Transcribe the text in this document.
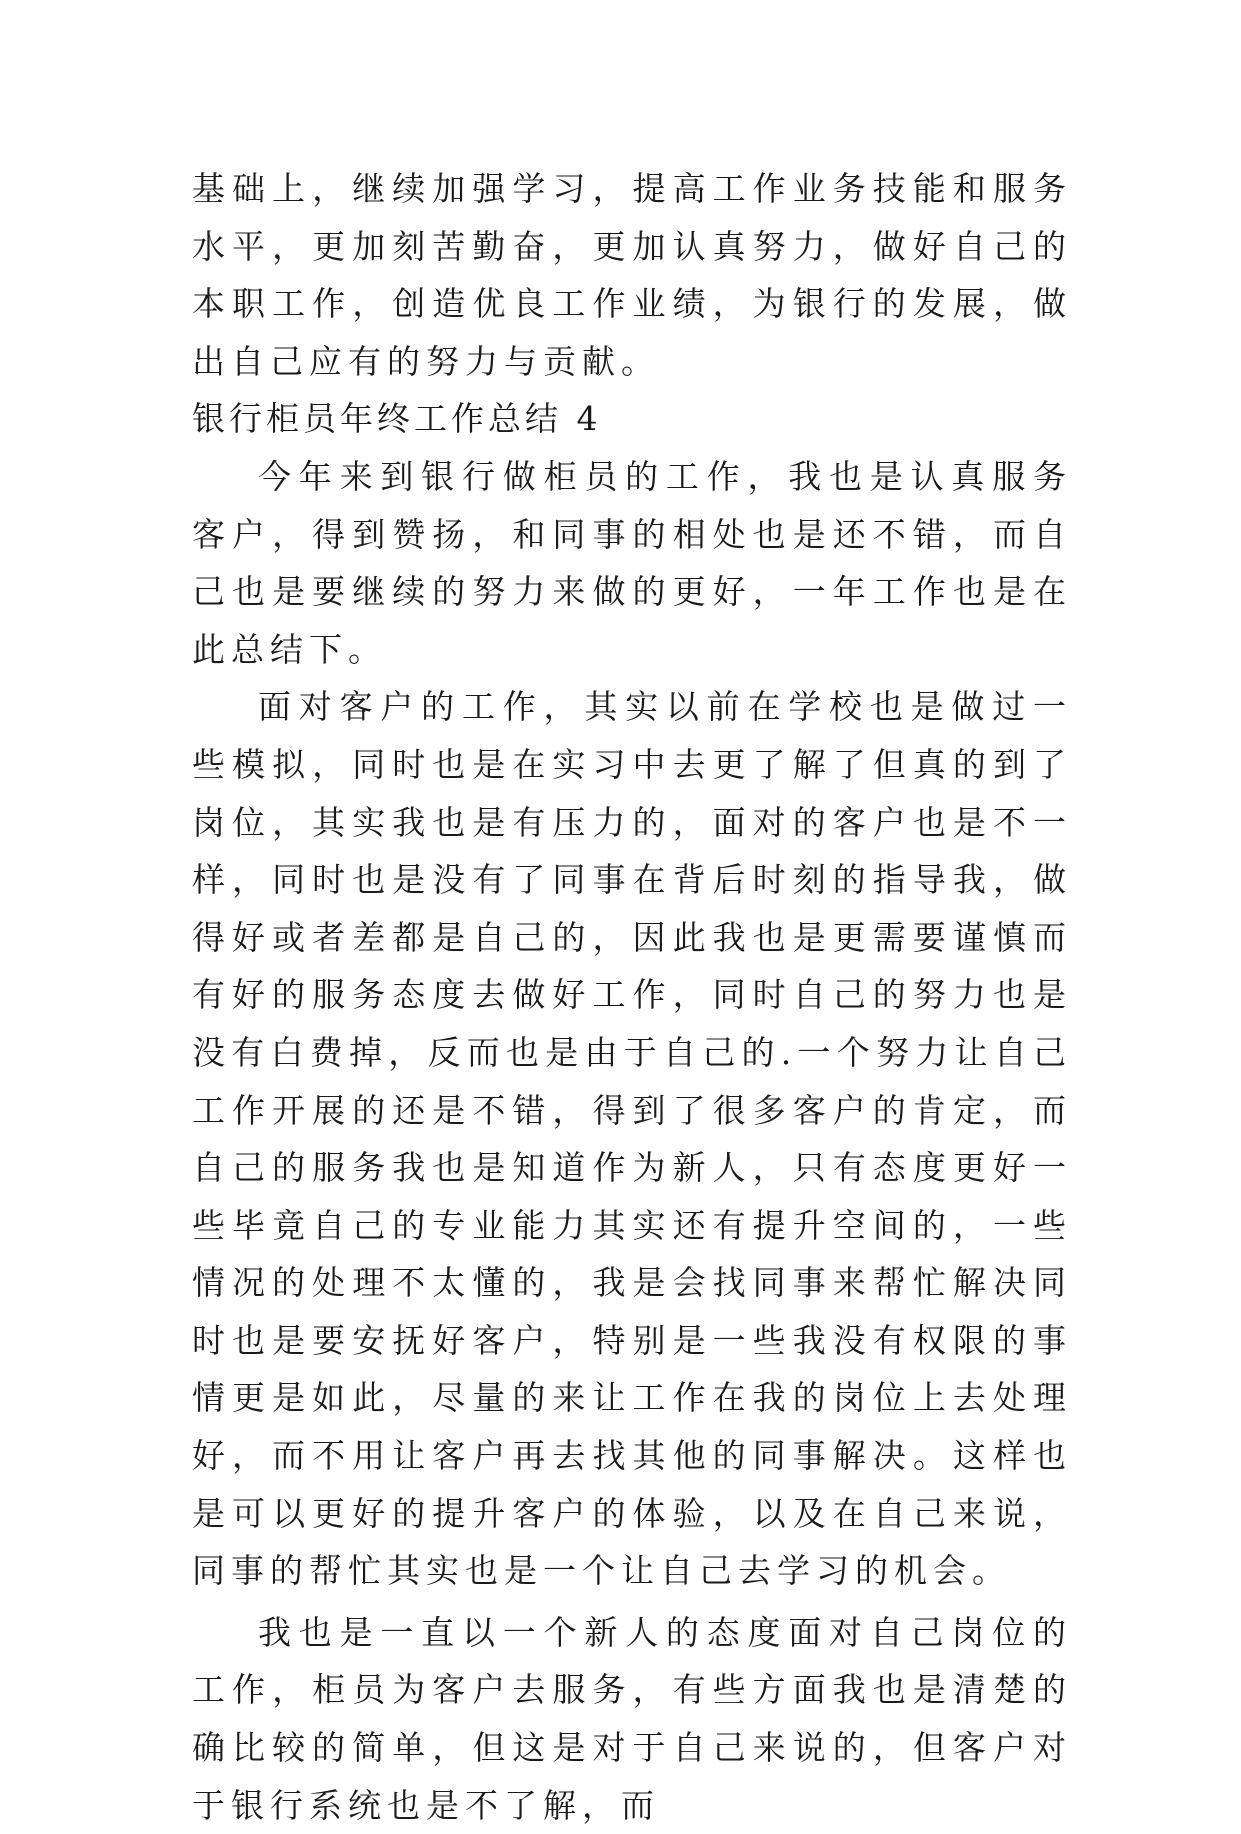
基础上，继续加强学习，提高工作业务技能和服务水平，更加刻苦勤奋，更加认真努力，做好自己的本职工作，创造优良工作业绩，为银行的发展，做出自己应有的努力与贡献。

银行柜员年终工作总结 4

今年来到银行做柜员的工作，我也是认真服务客户，得到赞扬，和同事的相处也是还不错，而自己也是要继续的努力来做的更好，一年工作也是在此总结下。

面对客户的工作，其实以前在学校也是做过一些模拟，同时也是在实习中去更了解了但真的到了岗位，其实我也是有压力的，面对的客户也是不一样，同时也是没有了同事在背后时刻的指导我，做得好或者差都是自己的，因此我也是更需要谨慎而有好的服务态度去做好工作，同时自己的努力也是没有白费掉，反而也是由于自己的.一个努力让自己工作开展的还是不错，得到了很多客户的肯定，而自己的服务我也是知道作为新人，只有态度更好一些毕竟自己的专业能力其实还有提升空间的，一些情况的处理不太懂的，我是会找同事来帮忙解决同时也是要安抚好客户，特别是一些我没有权限的事情更是如此，尽量的来让工作在我的岗位上去处理好，而不用让客户再去找其他的同事解决。这样也是可以更好的提升客户的体验，以及在自己来说，同事的帮忙其实也是一个让自己去学习的机会。

我也是一直以一个新人的态度面对自己岗位的工作，柜员为客户去服务，有些方面我也是清楚的确比较的简单，但这是对于自己来说的，但客户对于银行系统也是不了解，而
